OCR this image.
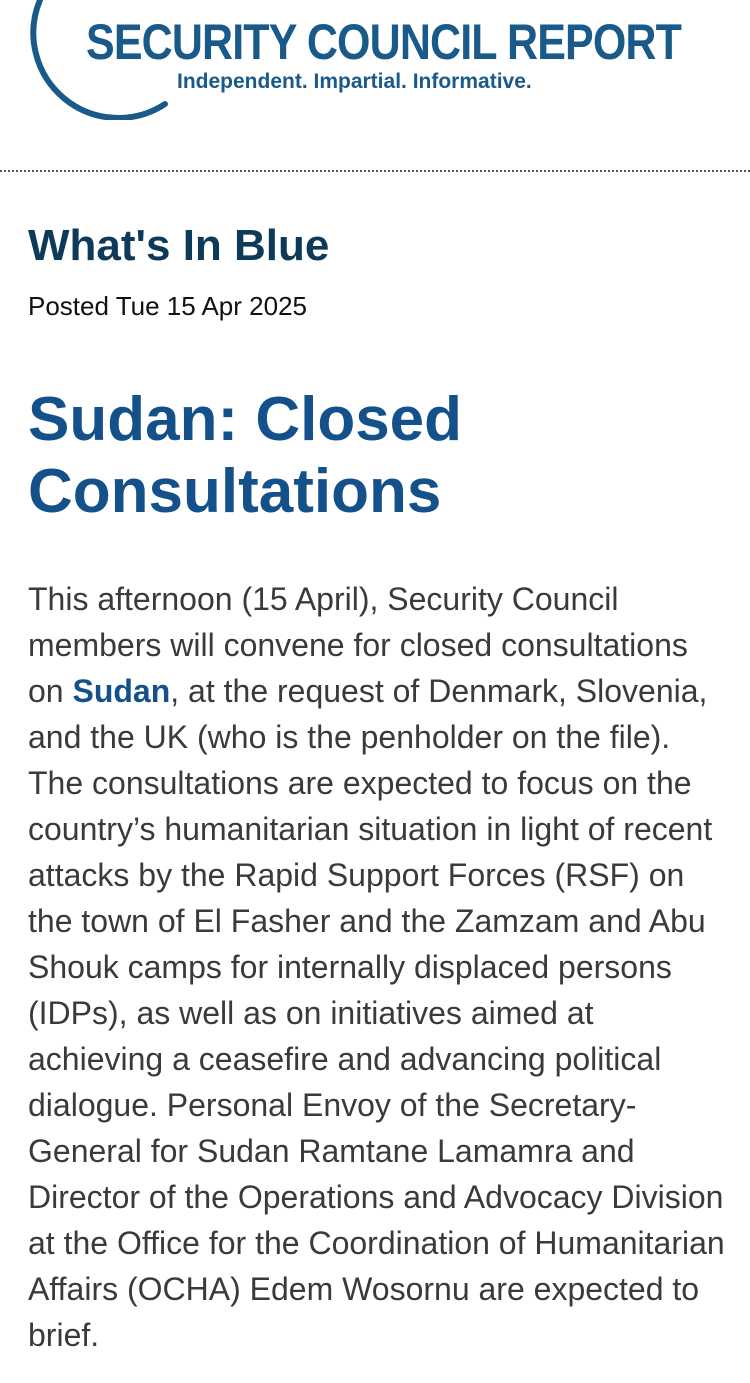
SECURITY COUNCIL REPORT
Independent. Impartial. Informative.
What's In Blue
Posted Tue 15 Apr 2025
Sudan: Closed Consultations

This afternoon (15 April), Security Council members will convene for closed consultations on Sudan, at the request of Denmark, Slovenia, and the UK (who is the penholder on the file). The consultations are expected to focus on the country’s humanitarian situation in light of recent attacks by the Rapid Support Forces (RSF) on the town of El Fasher and the Zamzam and Abu Shouk camps for internally displaced persons (IDPs), as well as on initiatives aimed at achieving a ceasefire and advancing political dialogue. Personal Envoy of the Secretary-General for Sudan Ramtane Lamamra and Director of the Operations and Advocacy Division at the Office for the Coordination of Humanitarian Affairs (OCHA) Edem Wosornu are expected to brief.
